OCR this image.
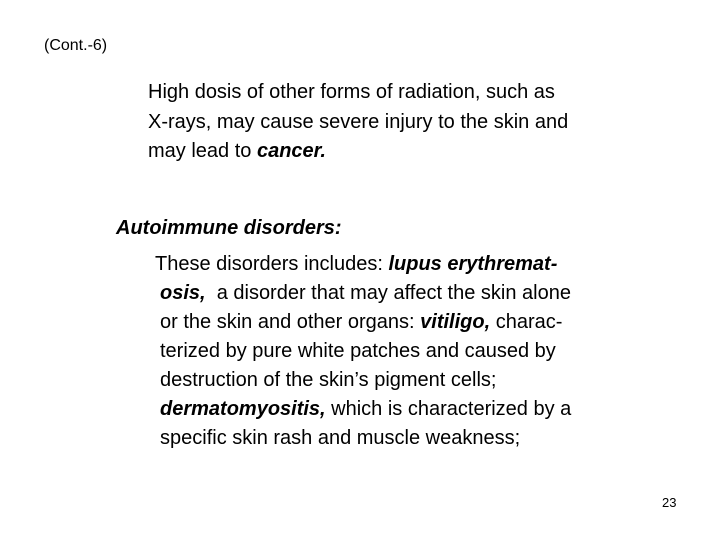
(Cont.-6)

High dosis of other forms of radiation, such as
X-rays, may cause severe injury to the skin and
may lead to cancer.

Autoimmune disorders:
These disorders includes: lupus erythremat-
osis,  a disorder that may affect the skin alone
or the skin and other organs: vitiligo, charac-
terized by pure white patches and caused by
destruction of the skin’s pigment cells;
dermatomyositis, which is characterized by a
specific skin rash and muscle weakness;
23
